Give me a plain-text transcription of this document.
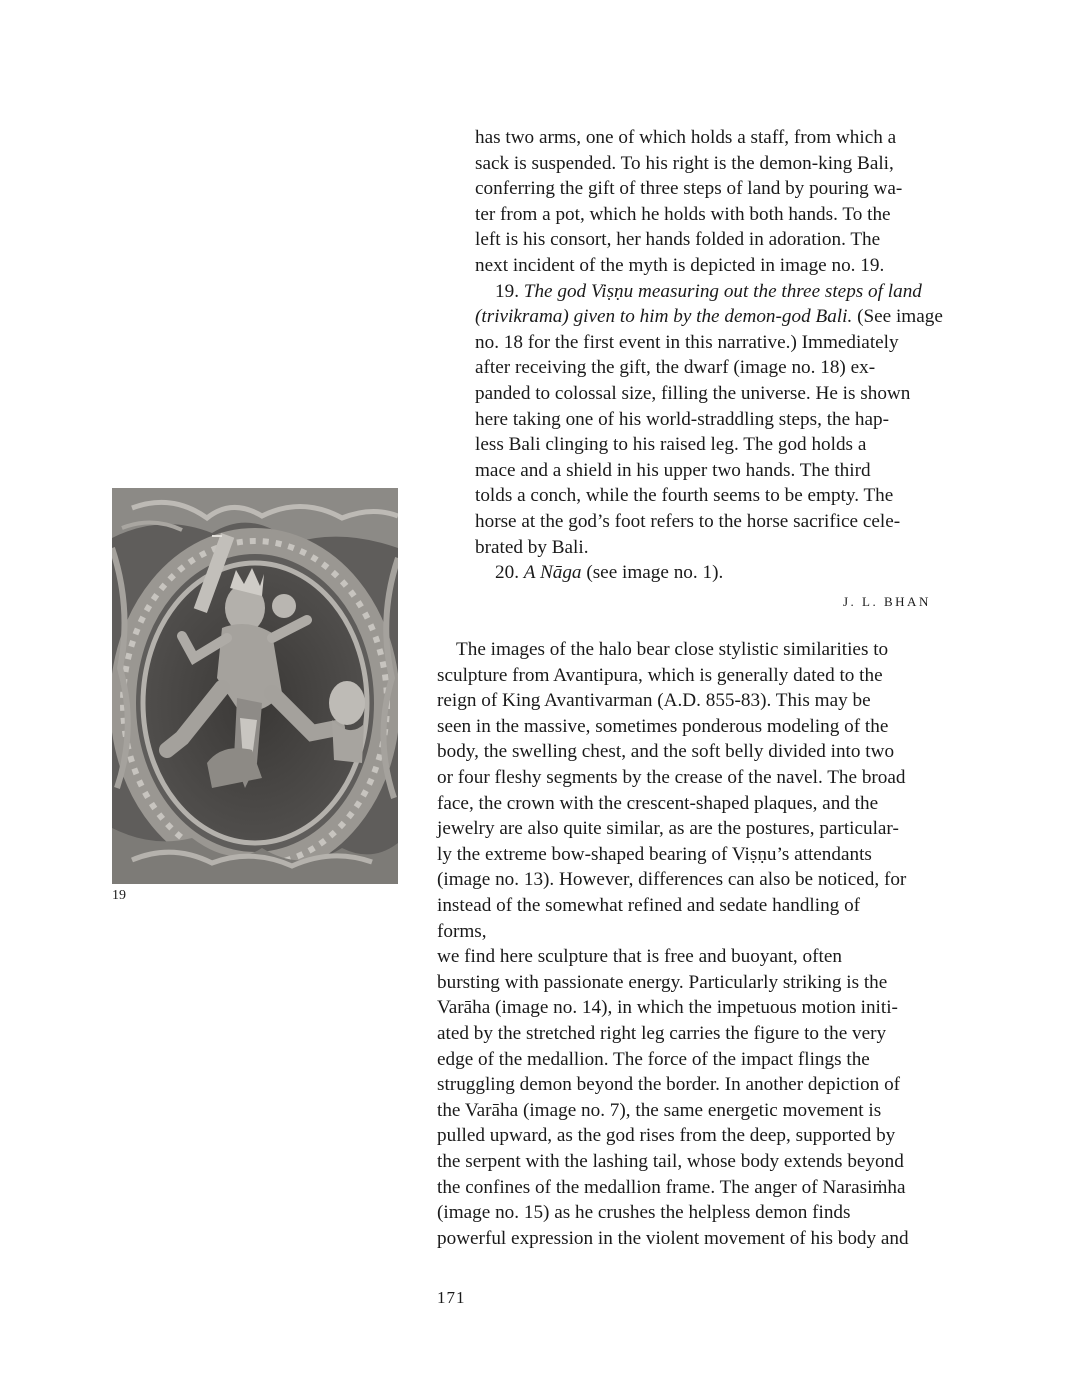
has two arms, one of which holds a staff, from which a
sack is suspended. To his right is the demon-king Bali,
conferring the gift of three steps of land by pouring wa-
ter from a pot, which he holds with both hands. To the
left is his consort, her hands folded in adoration. The
next incident of the myth is depicted in image no. 19.
19. The god Viṣṇu measuring out the three steps of land
(trivikrama) given to him by the demon-god Bali. (See image
no. 18 for the first event in this narrative.) Immediately
after receiving the gift, the dwarf (image no. 18) ex-
panded to colossal size, filling the universe. He is shown
here taking one of his world-straddling steps, the hap-
less Bali clinging to his raised leg. The god holds a
mace and a shield in his upper two hands. The third
tolds a conch, while the fourth seems to be empty. The
horse at the god’s foot refers to the horse sacrifice cele-
brated by Bali.
20. A Nāga (see image no. 1).
J. L. BHAN
19
The images of the halo bear close stylistic similarities to
sculpture from Avantipura, which is generally dated to the
reign of King Avantivarman (A.D. 855-83). This may be
seen in the massive, sometimes ponderous modeling of the
body, the swelling chest, and the soft belly divided into two
or four fleshy segments by the crease of the navel. The broad
face, the crown with the crescent-shaped plaques, and the
jewelry are also quite similar, as are the postures, particular-
ly the extreme bow-shaped bearing of Viṣṇu’s attendants
(image no. 13). However, differences can also be noticed, for
instead of the somewhat refined and sedate handling of
forms,
we find here sculpture that is free and buoyant, often
bursting with passionate energy. Particularly striking is the
Varāha (image no. 14), in which the impetuous motion initi-
ated by the stretched right leg carries the figure to the very
edge of the medallion. The force of the impact flings the
struggling demon beyond the border. In another depiction of
the Varāha (image no. 7), the same energetic movement is
pulled upward, as the god rises from the deep, supported by
the serpent with the lashing tail, whose body extends beyond
the confines of the medallion frame. The anger of Narasiṁha
(image no. 15) as he crushes the helpless demon finds
powerful expression in the violent movement of his body and
171
